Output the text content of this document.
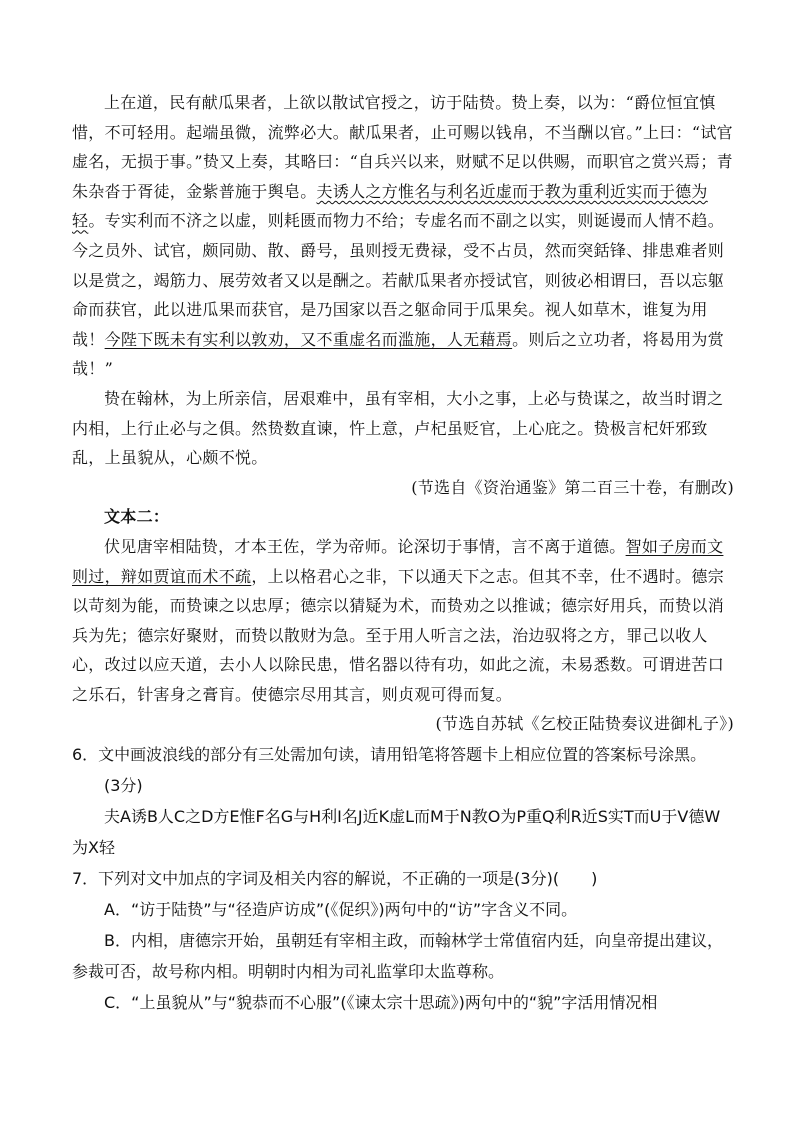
上在道，民有献瓜果者，上欲以散试官授之，访于陆贽。贽上奏，以为：“爵位恒宜慎惜，不可轻用。起端虽微，流弊必大。献瓜果者，止可赐以钱帛，不当酬以官。”上曰：“试官虚名，无损于事。”贽又上奏，其略曰：“自兵兴以来，财赋不足以供赐，而职官之赏兴焉；青朱杂沓于胥徒，金紫普施于舆皂。夫诱人之方惟名与利名近虚而于教为重利近实而于德为轻。专实利而不济之以虚，则耗匮而物力不给；专虚名而不副之以实，则诞谩而人情不趋。今之员外、试官，颇同勋、散、爵号，虽则授无费禄，受不占员，然而突銛锋、排患难者则以是赏之，竭筋力、展劳效者又以是酬之。若献瓜果者亦授试官，则彼必相谓曰，吾以忘躯命而获官，此以进瓜果而获官，是乃国家以吾之躯命同于瓜果矣。视人如草木，谁复为用哉！今陛下既未有实利以敦劝，又不重虚名而滥施，人无藉焉。则后之立功者，将曷用为赏哉！”

贽在翰林，为上所亲信，居艰难中，虽有宰相，大小之事，上必与贽谋之，故当时谓之内相，上行止必与之俱。然贽数直谏，忤上意，卢杞虽贬官，上心庇之。贽极言杞奸邪致乱，上虽貌从，心颇不悦。

(节选自《资治通鉴》第二百三十卷，有删改)

文本二：

伏见唐宰相陆贽，才本王佐，学为帝师。论深切于事情，言不离于道德。智如子房而文则过，辩如贾谊而术不疏，上以格君心之非，下以通天下之志。但其不幸，仕不遇时。德宗以苛刻为能，而贽谏之以忠厚；德宗以猜疑为术，而贽劝之以推诚；德宗好用兵，而贽以消兵为先；德宗好聚财，而贽以散财为急。至于用人听言之法，治边驭将之方，罪己以收人心，改过以应天道，去小人以除民患，惜名器以待有功，如此之流，未易悉数。可谓进苦口之乐石，针害身之膏肓。使德宗尽用其言，则贞观可得而复。

(节选自苏轼《乞校正陆贽奏议进御札子》)

6．文中画波浪线的部分有三处需加句读，请用铅笔将答题卡上相应位置的答案标号涂黑。

(3分)

夫A诱B人C之D方E惟F名G与H利I名J近K虚L而M于N教O为P重Q利R近S实T而U于V德W为X轻

7．下列对文中加点的字词及相关内容的解说，不正确的一项是(3分)(　　)

A．“访于陆贽”与“径造庐访成”(《促织》)两句中的“访”字含义不同。

B．内相，唐德宗开始，虽朝廷有宰相主政，而翰林学士常值宿内廷，向皇帝提出建议，参裁可否，故号称内相。明朝时内相为司礼监掌印太监尊称。

C．“上虽貌从”与“貌恭而不心服”(《谏太宗十思疏》)两句中的“貌”字活用情况相
